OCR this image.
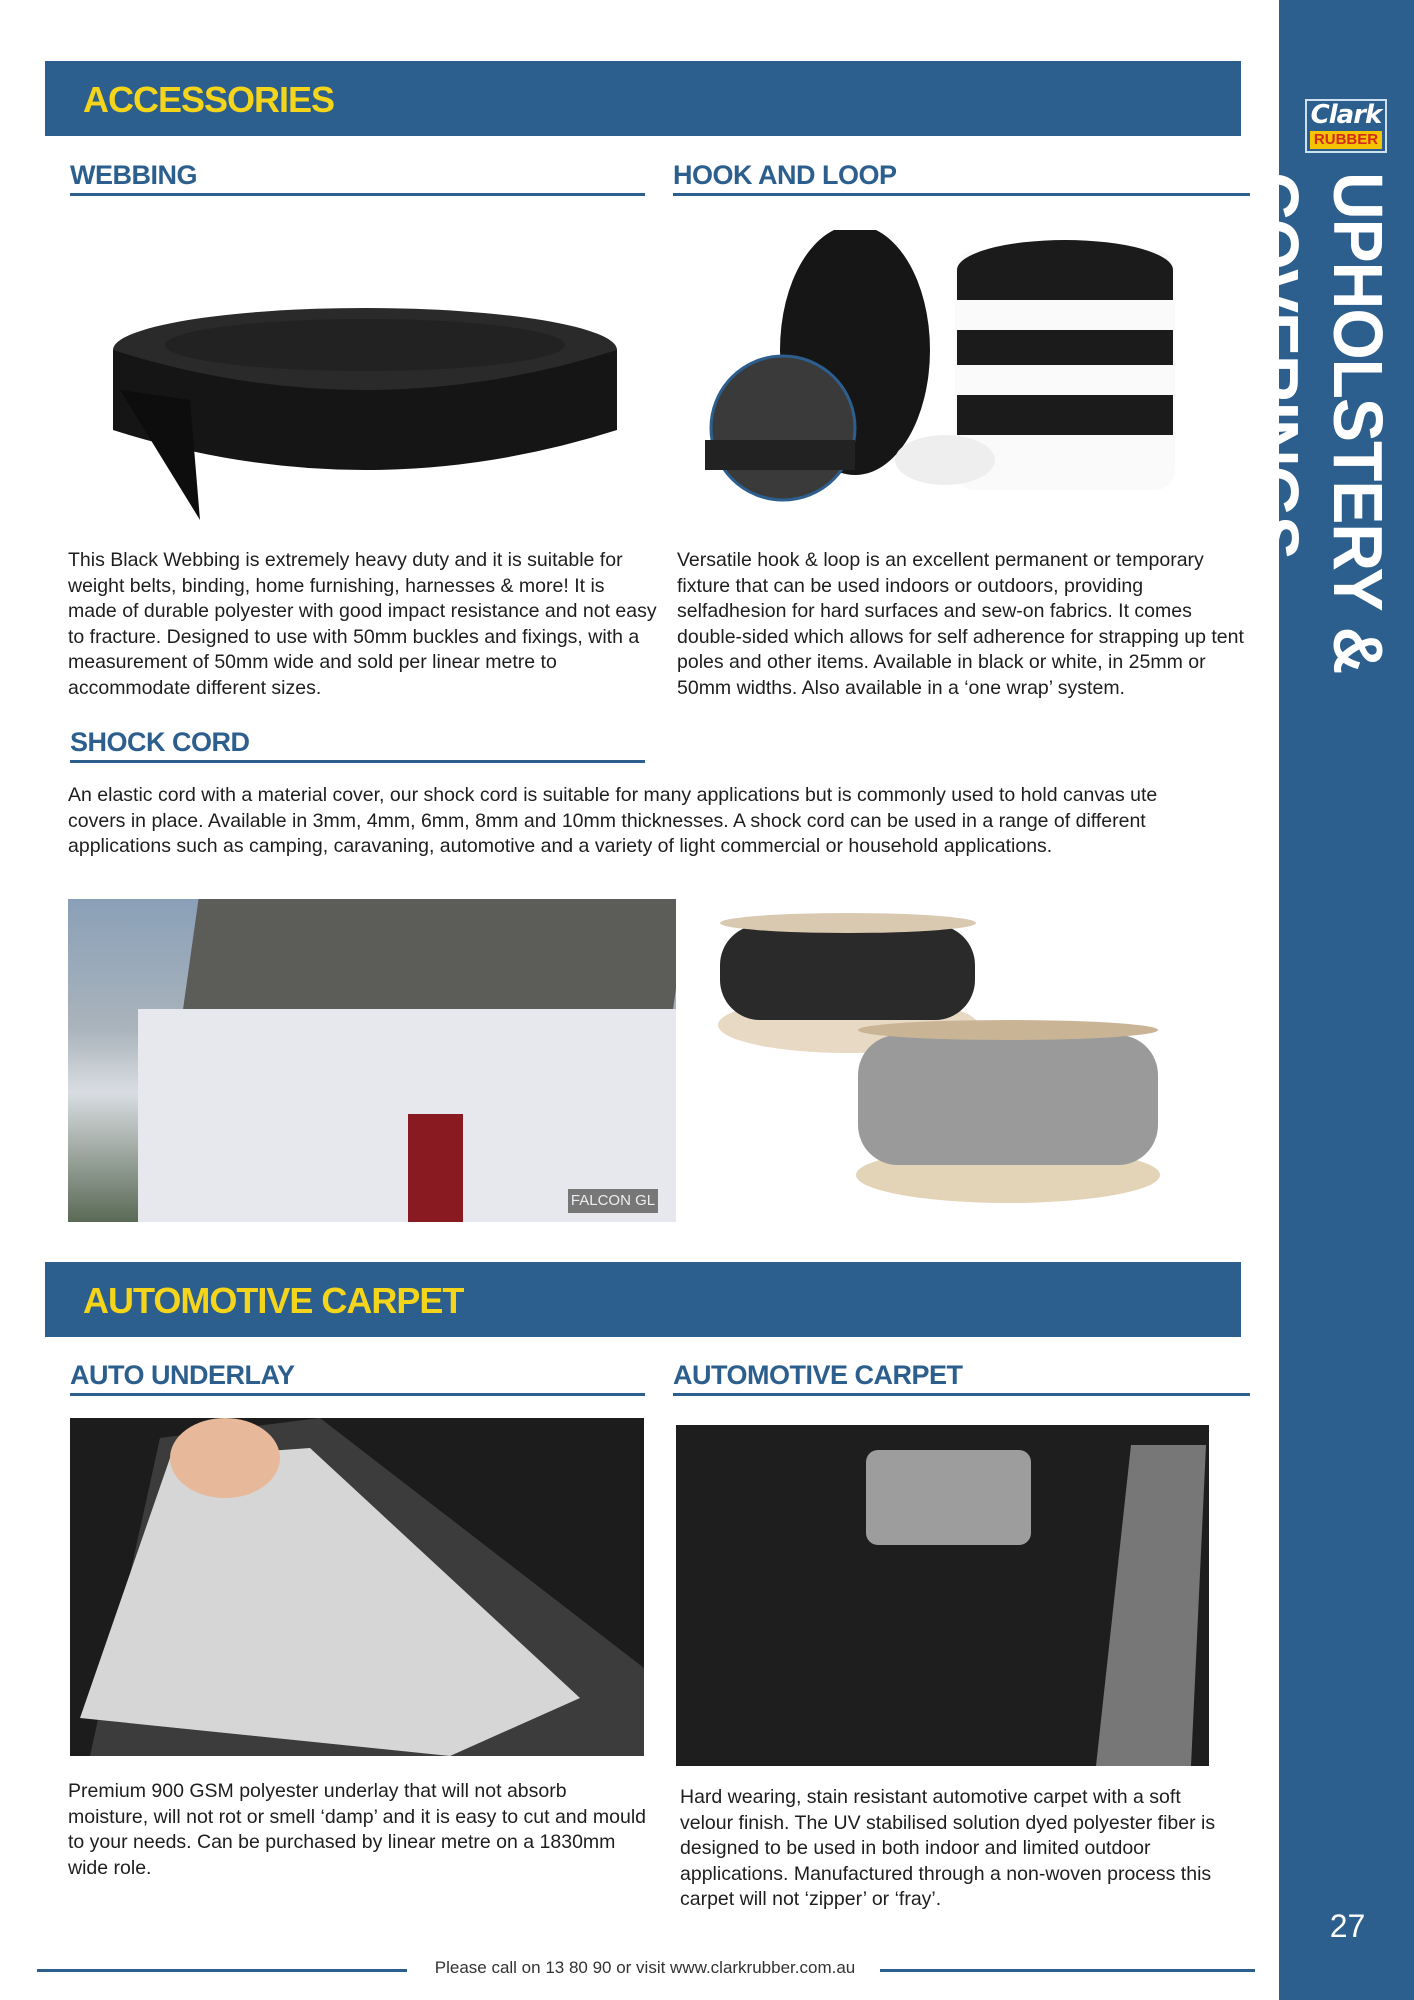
Clark
RUBBER
UPHOLSTERY & COVERINGS
27
ACCESSORIES
WEBBING	HOOK AND LOOP
This Black Webbing is extremely heavy duty and it is suitable for weight belts, binding, home furnishing, harnesses & more! It is made of durable polyester with good impact resistance and not easy to fracture. Designed to use with 50mm buckles and fixings, with a measurement of 50mm wide and sold per linear metre to accommodate different sizes.
Versatile hook & loop is an excellent permanent or temporary fixture that can be used indoors or outdoors, providing selfadhesion for hard surfaces and sew-on fabrics. It comes double-sided which allows for self adherence for strapping up tent poles and other items. Available in black or white, in 25mm or 50mm widths. Also available in a ‘one wrap’ system.
SHOCK CORD
An elastic cord with a material cover, our shock cord is suitable for many applications but is commonly used to hold canvas ute covers in place. Available in 3mm, 4mm, 6mm, 8mm and 10mm thicknesses. A shock cord can be used in a range of different applications such as camping, caravaning, automotive and a variety of light commercial or household applications.
FALCON GL
AUTOMOTIVE CARPET
AUTO UNDERLAY	AUTOMOTIVE CARPET
Premium 900 GSM polyester underlay that will not absorb moisture, will not rot or smell ‘damp’ and it is easy to cut and mould to your needs. Can be purchased by linear metre on a 1830mm wide role.
Hard wearing, stain resistant automotive carpet with a soft velour finish. The UV stabilised solution dyed polyester fiber is designed to be used in both indoor and limited outdoor applications. Manufactured through a non-woven process this carpet will not ‘zipper’ or ‘fray’.
Please call on 13 80 90 or visit www.clarkrubber.com.au
